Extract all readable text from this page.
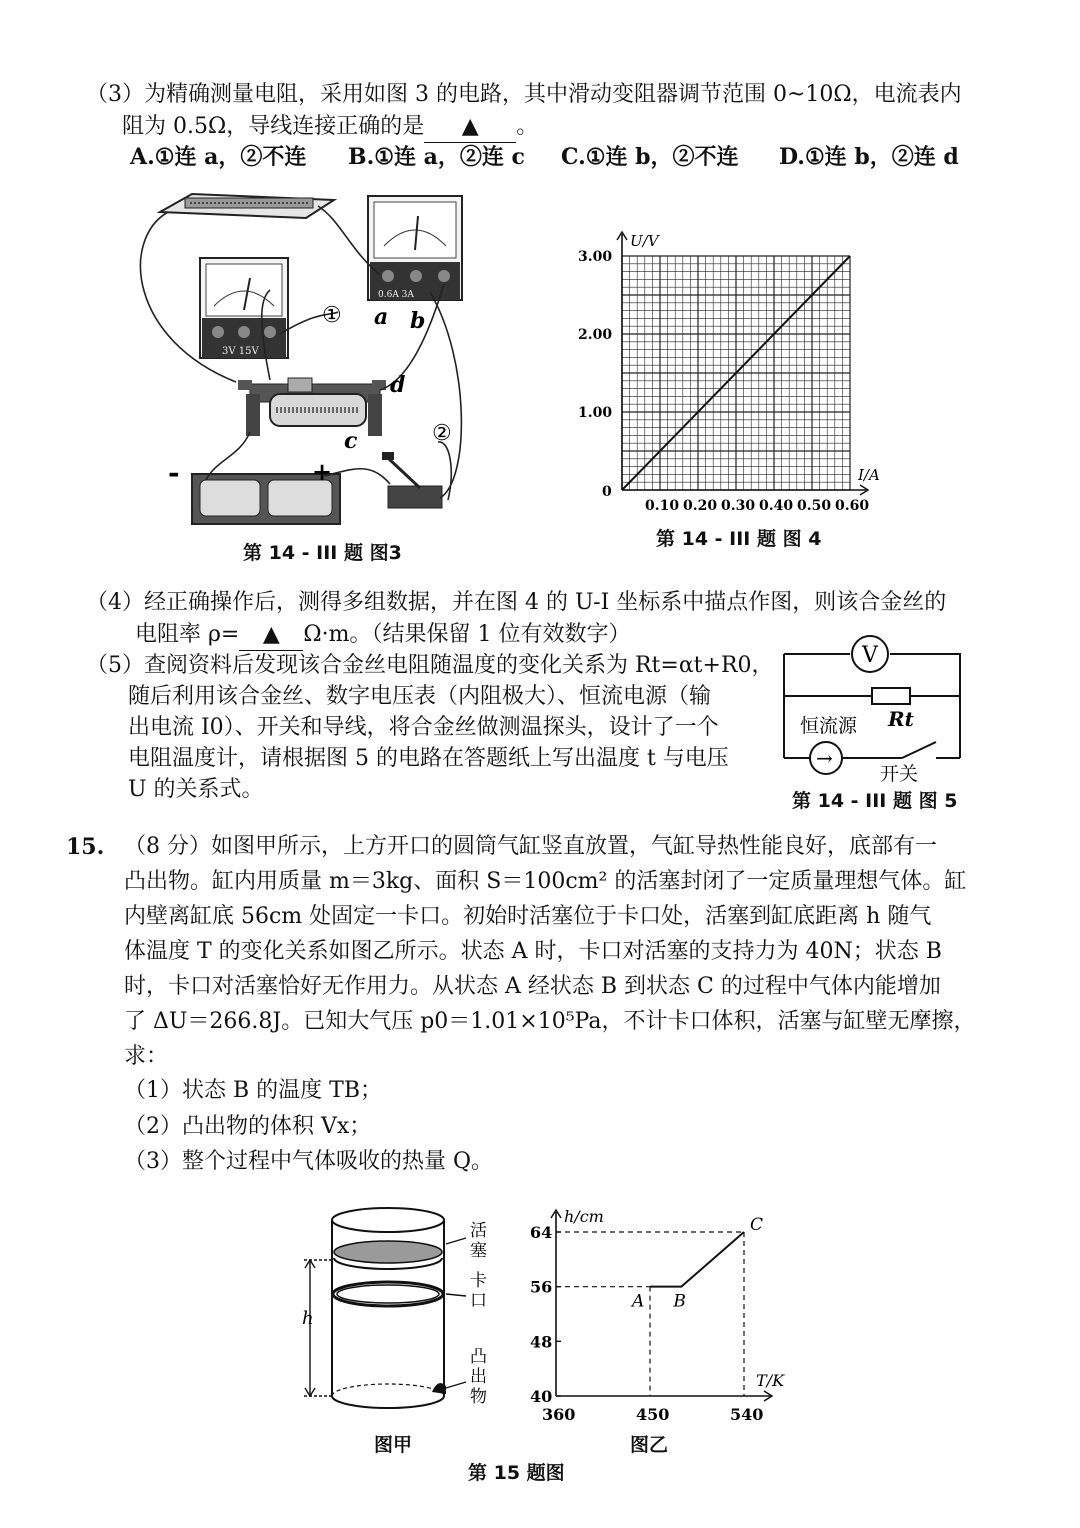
（3）为精确测量电阻，采用如图 3 的电路，其中滑动变阻器调节范围 0~10Ω，电流表内
阻为 0.5Ω，导线连接正确的是 ▲ 。
A.①连 a，②不连 B.①连 a，②连 c C.①连 b，②不连 D.①连 b，②连 d
0.6A 3A
3V 15V
① a b
d
c	②
-	+
第 14 - III 题 图3
0.10 0.20 0.30 0.40 0.50 0.60
1.00
2.00
3.00
0
I/A
U/V
第 14 - III 题 图 4
（4）经正确操作后，测得多组数据，并在图 4 的 U-I 坐标系中描点作图，则该合金丝的
电阻率 ρ= ▲ Ω·m。（结果保留 1 位有效数字）
（5）查阅资料后发现该合金丝电阻随温度的变化关系为 Rt=αt+R0，
随后利用该合金丝、数字电压表（内阻极大）、恒流电源（输
出电流 I0）、开关和导线，将合金丝做测温探头，设计了一个
电阻温度计，请根据图 5 的电路在答题纸上写出温度 t 与电压
U 的关系式。
V
Rt
恒流源
→
开关
第 14 - III 题 图 5
15. （8 分）如图甲所示，上方开口的圆筒气缸竖直放置，气缸导热性能良好，底部有一
凸出物。缸内用质量 m＝3kg、面积 S＝100cm² 的活塞封闭了一定质量理想气体。缸
内壁离缸底 56cm 处固定一卡口。初始时活塞位于卡口处，活塞到缸底距离 h 随气
体温度 T 的变化关系如图乙所示。状态 A 时，卡口对活塞的支持力为 40N；状态 B
时，卡口对活塞恰好无作用力。从状态 A 经状态 B 到状态 C 的过程中气体内能增加
了 ΔU＝266.8J。已知大气压 p0＝1.01×10⁵Pa，不计卡口体积，活塞与缸壁无摩擦，
求：
（1）状态 B 的温度 TB；
（2）凸出物的体积 Vx；
（3）整个过程中气体吸收的热量 Q。
h
活
塞
卡
口
凸
出
物
图甲
40
48
56
64
360	450	540
h/cm
T/K
A B
C
图乙
第 15 题图
